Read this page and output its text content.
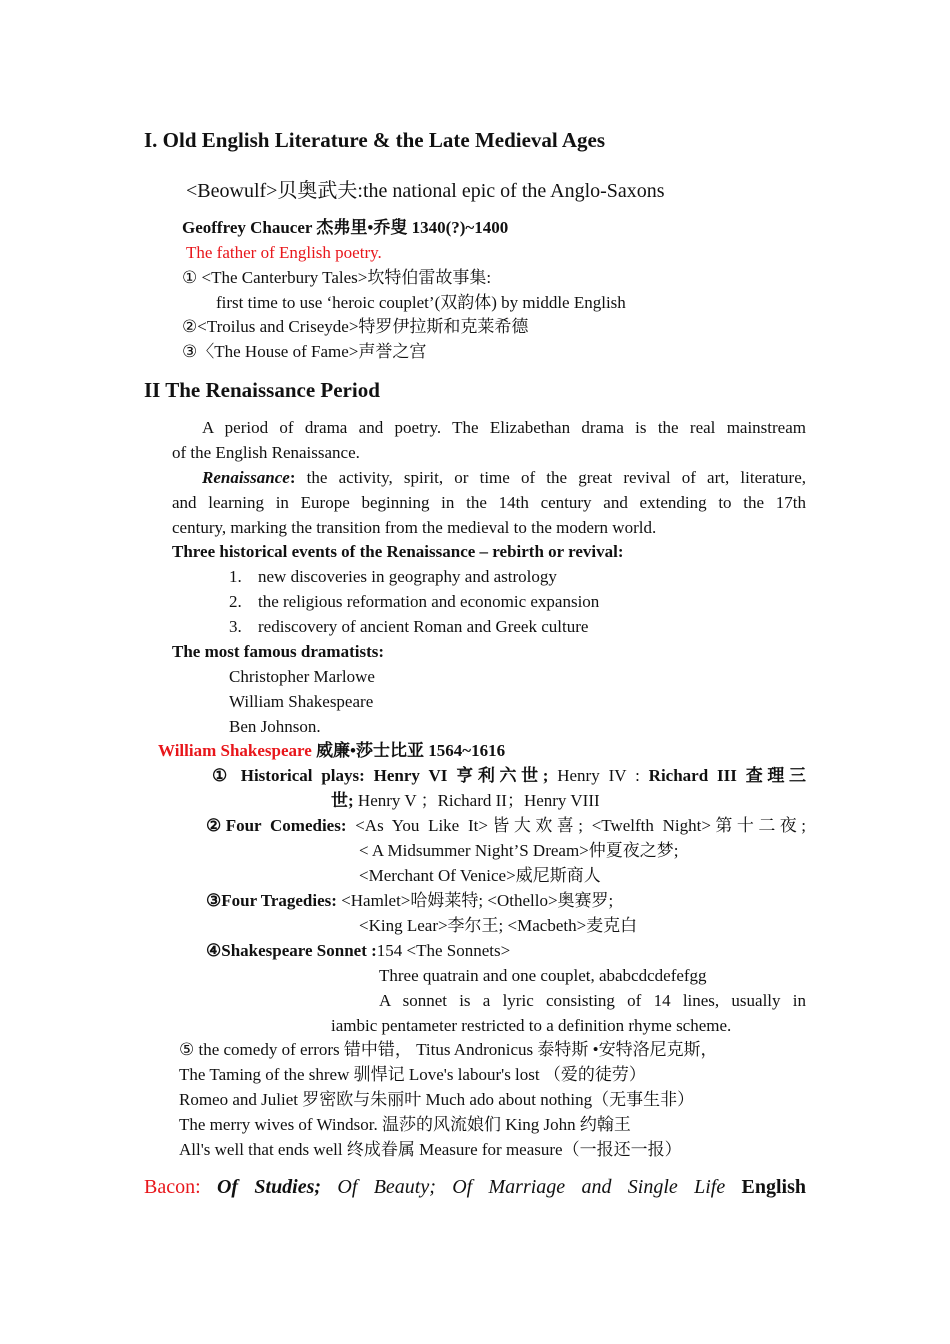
I. Old English Literature & the Late Medieval Ages
<Beowulf>贝奥武夫:the national epic of the Anglo-Saxons
Geoffrey Chaucer 杰弗里•乔叟 1340(?)~1400
The father of English poetry.
① <The Canterbury Tales>坎特伯雷故事集:
first time to use ‘heroic couplet’(双韵体) by middle English
②<Troilus and Criseyde>特罗伊拉斯和克莱希德
③〈The House of Fame>声誉之宫
II The Renaissance Period
A period of drama and poetry. The Elizabethan drama is the real mainstream
of the English Renaissance.
Renaissance: the activity, spirit, or time of the great revival of art, literature,
and learning in Europe beginning in the 14th century and extending to the 17th
century, marking the transition from the medieval to the modern world.
Three historical events of the Renaissance – rebirth or revival:
1. new discoveries in geography and astrology
2. the religious reformation and economic expansion
3. rediscovery of ancient Roman and Greek culture
The most famous dramatists:
Christopher Marlowe
William Shakespeare
Ben Johnson.
William Shakespeare 威廉•莎士比亚 1564~1616
① Historical plays: Henry VI 亨利六世; Henry IV : Richard III 查理三
世; Henry V ；Richard II；Henry VIII
②Four Comedies: <As You Like It>皆大欢喜; <Twelfth Night>第十二夜;
< A Midsummer Night’S Dream>仲夏夜之梦;
<Merchant Of Venice>威尼斯商人
③Four Tragedies: <Hamlet>哈姆莱特; <Othello>奥赛罗;
<King Lear>李尔王; <Macbeth>麦克白
④Shakespeare Sonnet :154 <The Sonnets>
Three quatrain and one couplet, ababcdcdefefgg
A sonnet is a lyric consisting of 14 lines, usually in
iambic pentameter restricted to a definition rhyme scheme.
⑤ the comedy of errors 错中错， Titus Andronicus 泰特斯 •安特洛尼克斯，
The Taming of the shrew 驯悍记 Love's labour's lost （爱的徒劳）
Romeo and Juliet 罗密欧与朱丽叶 Much ado about nothing（无事生非）
The merry wives of Windsor. 温莎的风流娘们 King John 约翰王
All's well that ends well 终成眷属 Measure for measure（一报还一报）
Bacon: Of Studies; Of Beauty; Of Marriage and Single Life English
